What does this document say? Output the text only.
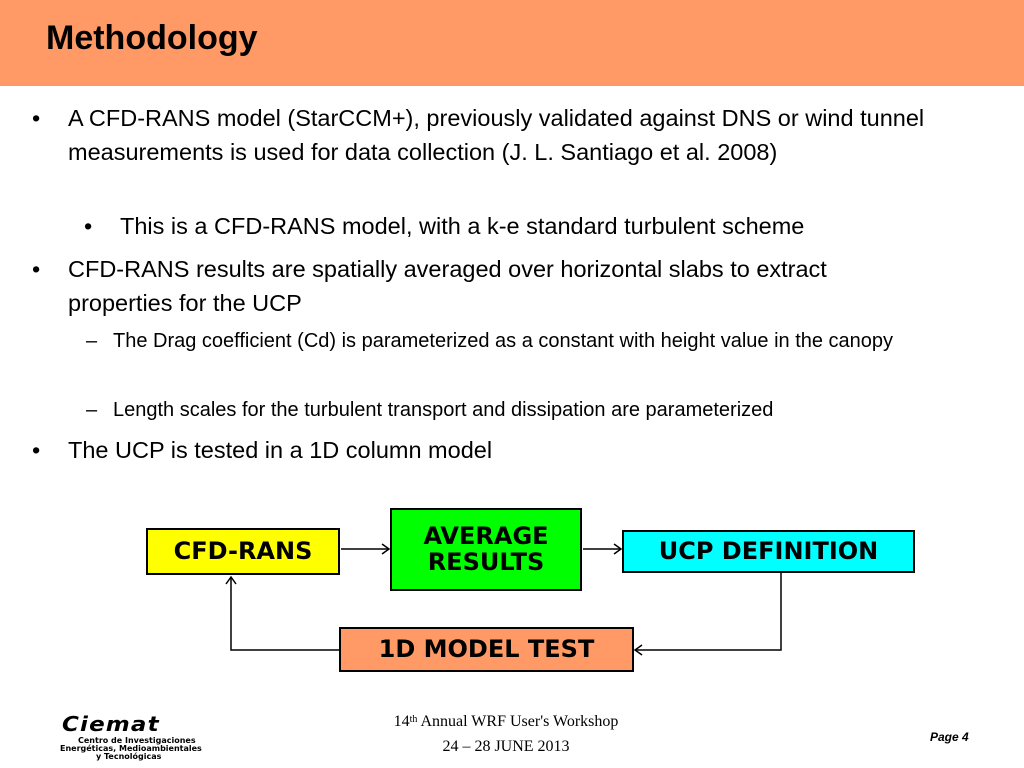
Methodology
• A CFD-RANS model (StarCCM+), previously validated against DNS or wind tunnel measurements is used for data collection (J. L. Santiago et al. 2008)
• This is a CFD-RANS model, with a k-e standard turbulent scheme
• CFD-RANS results are spatially averaged over horizontal slabs to extract properties for the UCP
– The Drag coefficient (Cd) is parameterized as a constant with height value in the canopy
– Length scales for the turbulent transport and dissipation are parameterized
• The UCP is tested in a 1D column model
CFD-RANS
AVERAGE
RESULTS	UCP DEFINITION
1D MODEL TEST
Ciemat
Centro de Investigaciones
Energéticas, Medioambientales
y Tecnológicas
14th Annual WRF User's Workshop
24 – 28 JUNE 2013
Page 4
